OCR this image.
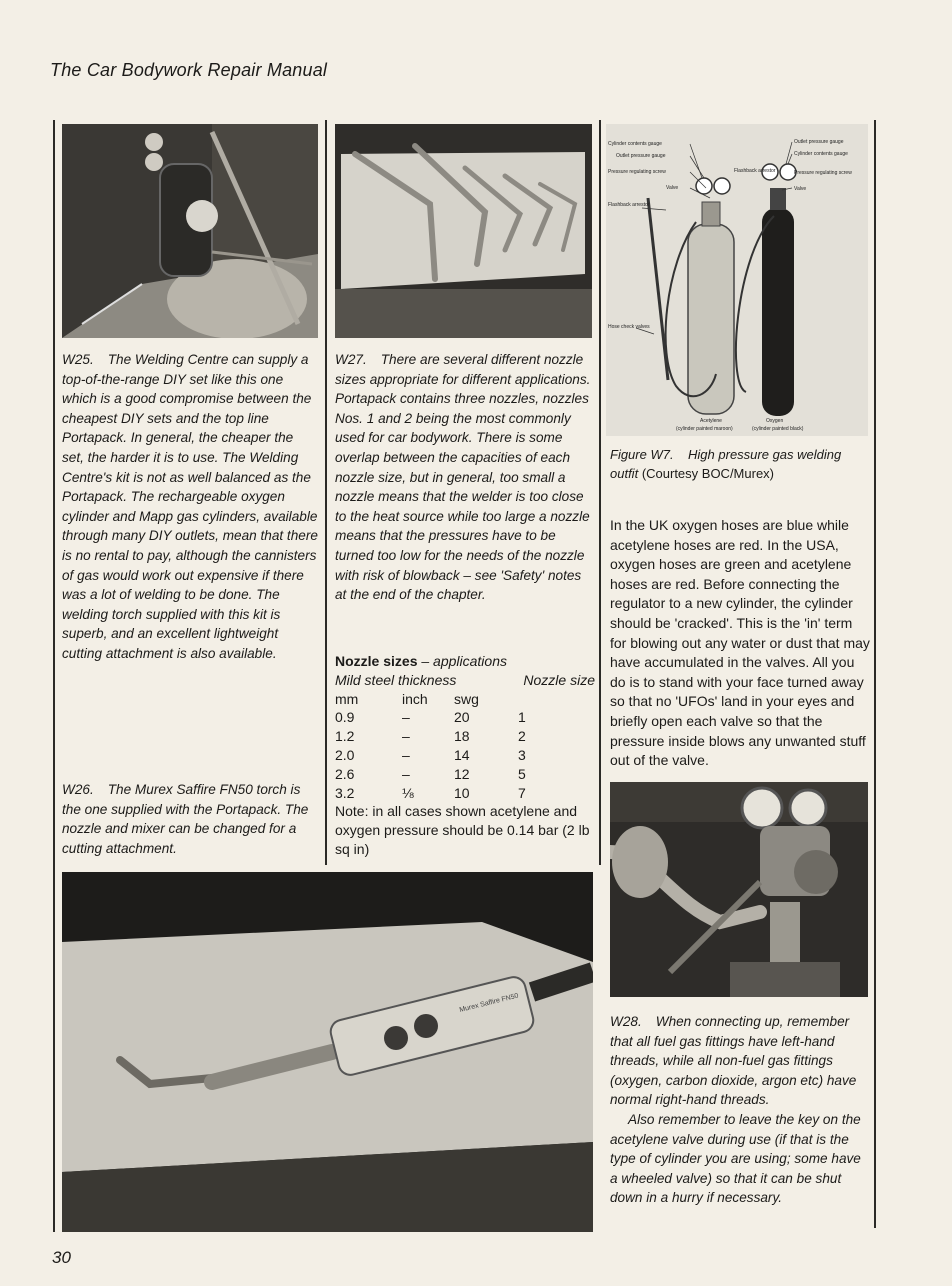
The Car Bodywork Repair Manual
Cylinder contents gauge
Outlet pressure gauge
Pressure regulating screw
Valve
Flashback arrestor
Outlet pressure gauge
Cylinder contents gauge
Flashback arrestor	Pressure regulating screw
Valve
Hose check valves
Acetylene
(cylinder painted maroon)
Oxygen
(cylinder painted black)
W25. The Welding Centre can supply a top-of-the-range DIY set like this one which is a good compromise between the cheapest DIY sets and the top line Portapack. In general, the cheaper the set, the harder it is to use. The Welding Centre's kit is not as well balanced as the Portapack. The rechargeable oxygen cylinder and Mapp gas cylinders, available through many DIY outlets, mean that there is no rental to pay, although the cannisters of gas would work out expensive if there was a lot of welding to be done. The welding torch supplied with this kit is superb, and an excellent lightweight cutting attachment is also available.
W26. The Murex Saffire FN50 torch is the one supplied with the Portapack. The nozzle and mixer can be changed for a cutting attachment.
W27. There are several different nozzle sizes appropriate for different applications. Portapack contains three nozzles, nozzles Nos. 1 and 2 being the most commonly used for car bodywork. There is some overlap between the capacities of each nozzle size, but in general, too small a nozzle means that the welder is too close to the heat source while too large a nozzle means that the pressures have to be turned too low for the needs of the nozzle with risk of blowback – see 'Safety' notes at the end of the chapter.
Nozzle sizes – applications
Mild steel thickness	Nozzle size
mm	inch	swg
0.9	–	20	1
1.2	–	18	2
2.0	–	14	3
2.6	–	12	5
3.2	⅛	10	7
Note: in all cases shown acetylene and oxygen pressure should be 0.14 bar (2 lb sq in)
Figure W7. High pressure gas welding outfit (Courtesy BOC/Murex)
In the UK oxygen hoses are blue while acetylene hoses are red. In the USA, oxygen hoses are green and acetylene hoses are red. Before connecting the regulator to a new cylinder, the cylinder should be 'cracked'. This is the 'in' term for blowing out any water or dust that may have accumulated in the valves. All you do is to stand with your face turned away so that no 'UFOs' land in your eyes and briefly open each valve so that the pressure inside blows any unwanted stuff out of the valve.
W28. When connecting up, remember that all fuel gas fittings have left-hand threads, while all non-fuel gas fittings (oxygen, carbon dioxide, argon etc) have normal right-hand threads.
Also remember to leave the key on the acetylene valve during use (if that is the type of cylinder you are using; some have a wheeled valve) so that it can be shut down in a hurry if necessary.
Murex Saffire FN50
30
